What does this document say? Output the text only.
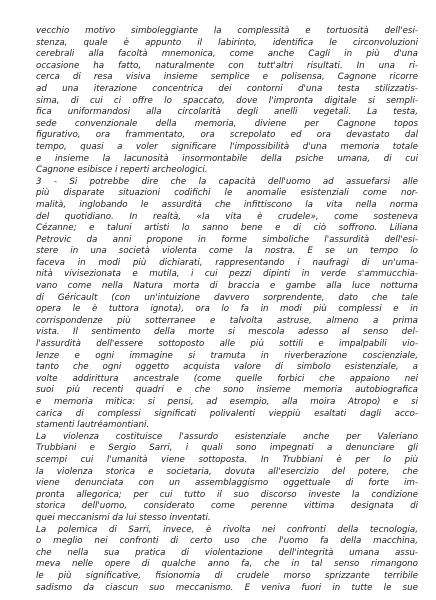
vecchio motivo simboleggiante la complessità e tortuosità dell'esi-
stenza, quale è appunto il labirinto, identifica le circonvoluzioni
cerebrali alla facoltà mnemonica, come anche Cagli in più d'una
occasione ha fatto, naturalmente con tutt'altri risultati. In una ri-
cerca di resa visiva insieme semplice e polisensa, Cagnone ricorre
ad una iterazione concentrica dei contorni d'una testa stilizzatis-
sima, di cui ci offre lo spaccato, dove l'impronta digitale si sempli-
fica uniformandosi alla circolarità degli anelli vegetali. La testa,
sede convenzionale della memoria, diviene per Cagnone topos
figurativo, ora frammentato, ora screpolato ed ora devastato dal
tempo, quasi a voler significare l'impossibilità d'una memoria totale
e insieme la lacunosità insormontabile della psiche umana, di cui
Cagnone esibisce i reperti archeologici.
3 - Si potrebbe dire che la capacità dell'uomo ad assuefarsi alle
più disparate situazioni codifichi le anomalie esistenziali come nor-
malità, inglobando le assurdità che infittiscono la vita nella norma
del quotidiano. In realtà, «la vita è crudele», come sosteneva
Cézanne; e taluni artisti lo sanno bene e di ciò soffrono. Liliana
Petrovic da anni propone in forme simboliche l'assurdità dell'esi-
stere in una società violenta come la nostra. E se un tempo lo
faceva in modi più dichiarati, rappresentando i naufragi di un'uma-
nità vivisezionata e mutila, i cui pezzi dipinti in verde s'ammucchia-
vano come nella Natura morta di braccia e gambe alla luce notturna
di Géricault (con un'intuizione davvero sorprendente, dato che tale
opera le è tuttora ignota), ora lo fa in modi più complessi e in
corrispondenze più sotterranee e talvolta astruse, almeno a prima
vista. Il sentimento della morte si mescola adesso al senso del-
l'assurdità dell'essere sottoposto alle più sottili e impalpabili vio-
lenze e ogni immagine si tramuta in riverberazione coscienziale,
tanto che ogni oggetto acquista valore di simbolo esistenziale, a
volte addirittura ancestrale (come quelle forbici che appaiono nei
suoi più recenti quadri e che sono insieme memoria autobiografica
e memoria mitica: si pensi, ad esempio, alla moira Atropo) e si
carica di complessi significati polivalenti vieppiù esaltati dagli acco-
stamenti lautréamontiani.
La violenza costituisce l'assurdo esistenziale anche per Valeriano
Trubbiani e Sergio Sarri, i quali sono impegnati a denunciare gli
scempi cui l'umanità viene sottoposta. In Trubbiani è per lo più
la violenza storica e societaria, dovuta all'esercizio del potere, che
viene denunciata con un assemblaggismo oggettuale di forte im-
pronta allegorica; per cui tutto il suo discorso investe la condizione
storica dell'uomo, considerato come perenne vittima designata di
quei meccanismi da lui stesso inventati.
La polemica di Sarri, invece, è rivolta nei confronti della tecnologia,
o meglio nei confronti di certo uso che l'uomo fa della macchina,
che nella sua pratica di violentazione dell'integrità umana assu-
meva nelle opere di qualche anno fa, che in tal senso rimangono
le più significative, fisionomia di crudele morso sprizzante terribile
sadismo da ciascun suo meccanismo. E veniva fuori in tutte le sue
